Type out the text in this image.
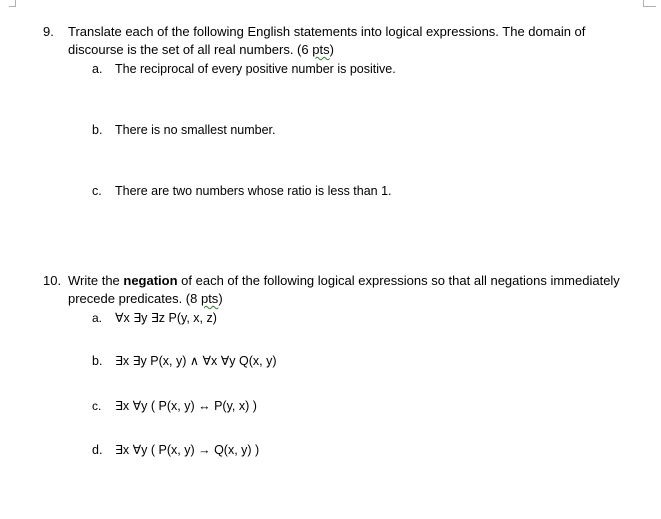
9. Translate each of the following English statements into logical expressions. The domain of
discourse is the set of all real numbers. (6 pts)
a. The reciprocal of every positive number is positive.
b. There is no smallest number.
c. There are two numbers whose ratio is less than 1.
10. Write the negation of each of the following logical expressions so that all negations immediately
precede predicates. (8 pts)
a. ∀x ∃y ∃z P(y, x, z)
b. ∃x ∃y P(x, y) ∧ ∀x ∀y Q(x, y)
c. ∃x ∀y ( P(x, y) ↔ P(y, x) )
d. ∃x ∀y ( P(x, y) → Q(x, y) )
